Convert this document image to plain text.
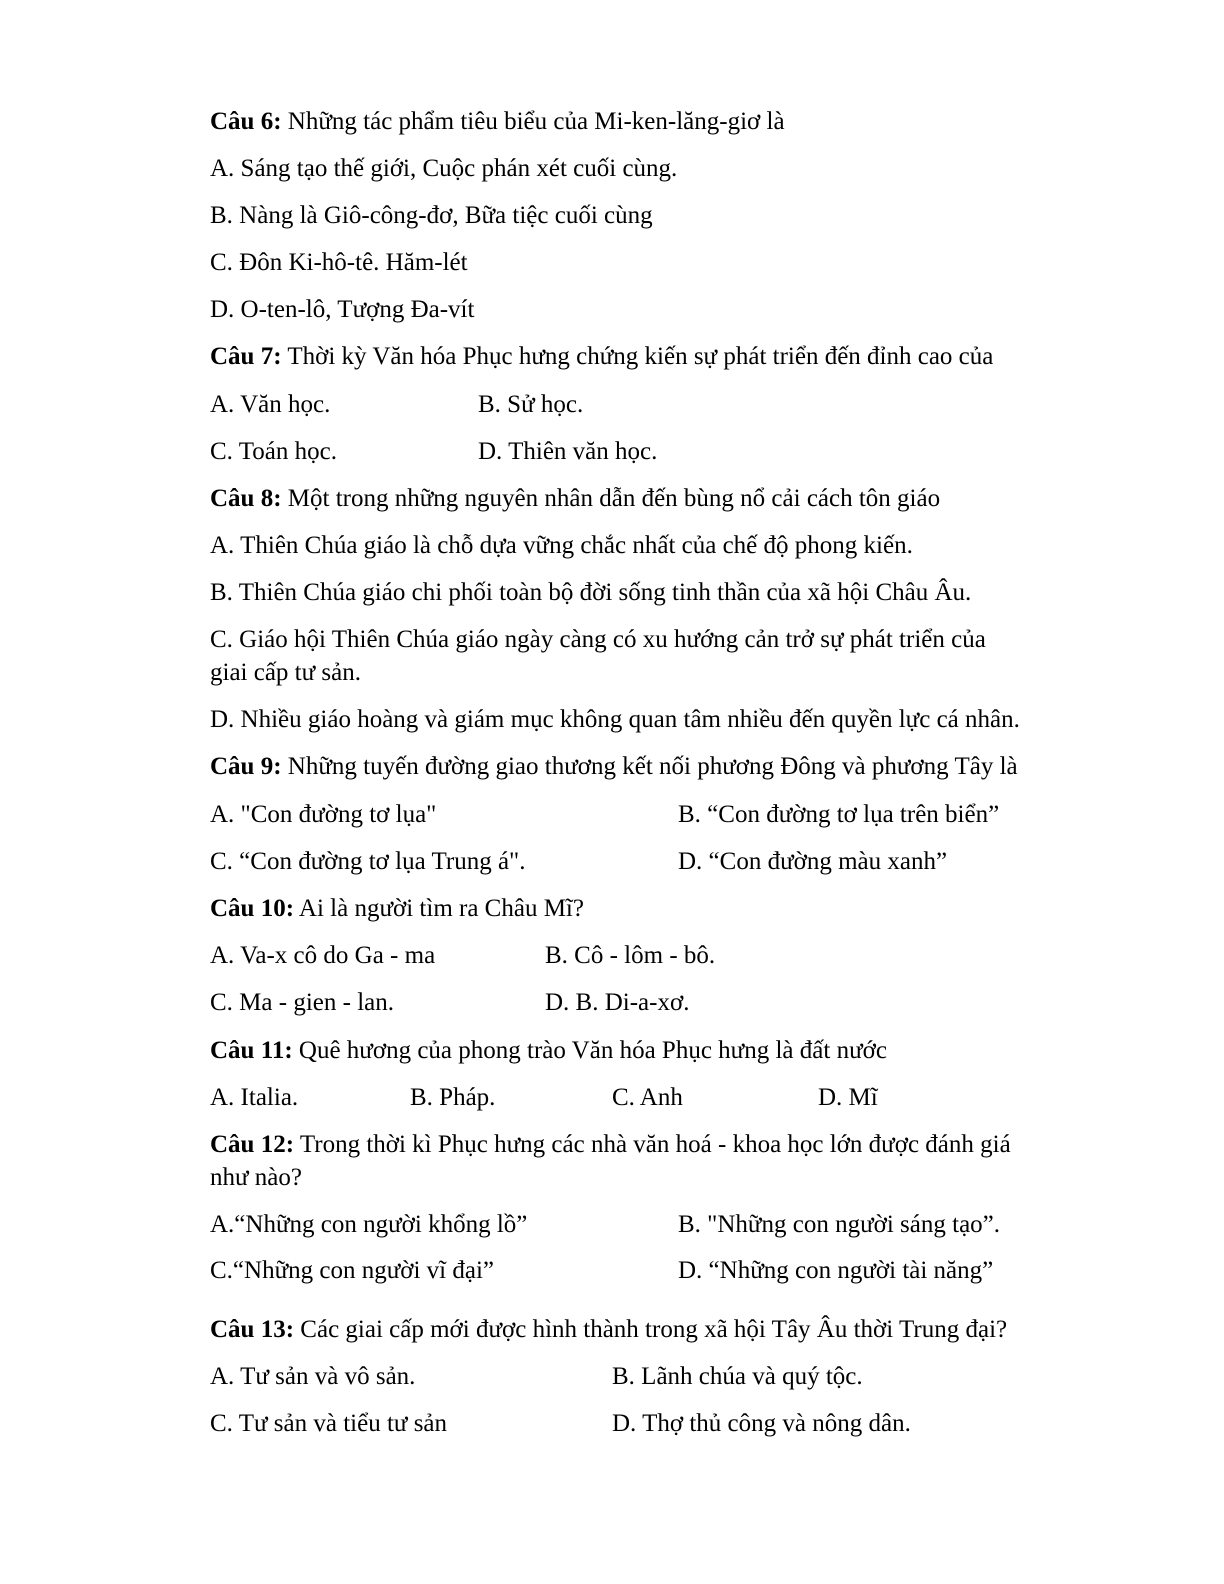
Câu 6: Những tác phẩm tiêu biểu của Mi-ken-lăng-giơ là
A. Sáng tạo thế giới, Cuộc phán xét cuối cùng.
B. Nàng là Giô-công-đơ, Bữa tiệc cuối cùng
C. Đôn Ki-hô-tê. Hăm-lét
D. O-ten-lô, Tượng Đa-vít
Câu 7: Thời kỳ Văn hóa Phục hưng chứng kiến sự phát triển đến đỉnh cao của
A. Văn học.	B. Sử học.
C. Toán học.	D. Thiên văn học.
Câu 8: Một trong những nguyên nhân dẫn đến bùng nổ cải cách tôn giáo
A. Thiên Chúa giáo là chỗ dựa vững chắc nhất của chế độ phong kiến.
B. Thiên Chúa giáo chi phối toàn bộ đời sống tinh thần của xã hội Châu Âu.
C. Giáo hội Thiên Chúa giáo ngày càng có xu hướng cản trở sự phát triển của
giai cấp tư sản.
D. Nhiều giáo hoàng và giám mục không quan tâm nhiều đến quyền lực cá nhân.
Câu 9: Những tuyến đường giao thương kết nối phương Đông và phương Tây là
A. "Con đường tơ lụa"	B. “Con đường tơ lụa trên biển”
C. “Con đường tơ lụa Trung á".	D. “Con đường màu xanh”
Câu 10: Ai là người tìm ra Châu Mĩ?
A. Va-x cô do Ga - ma	B. Cô - lôm - bô.
C. Ma - gien - lan.	D. B. Di-a-xơ.
Câu 11: Quê hương của phong trào Văn hóa Phục hưng là đất nước
A. Italia.	B. Pháp.	C. Anh	D. Mĩ
Câu 12: Trong thời kì Phục hưng các nhà văn hoá - khoa học lớn được đánh giá
như nào?
A.“Những con người khổng lồ”	B. "Những con người sáng tạo”.
C.“Những con người vĩ đại”	D. “Những con người tài năng”
Câu 13: Các giai cấp mới được hình thành trong xã hội Tây Âu thời Trung đại?
A. Tư sản và vô sản.	B. Lãnh chúa và quý tộc.
C. Tư sản và tiểu tư sản	D. Thợ thủ công và nông dân.
